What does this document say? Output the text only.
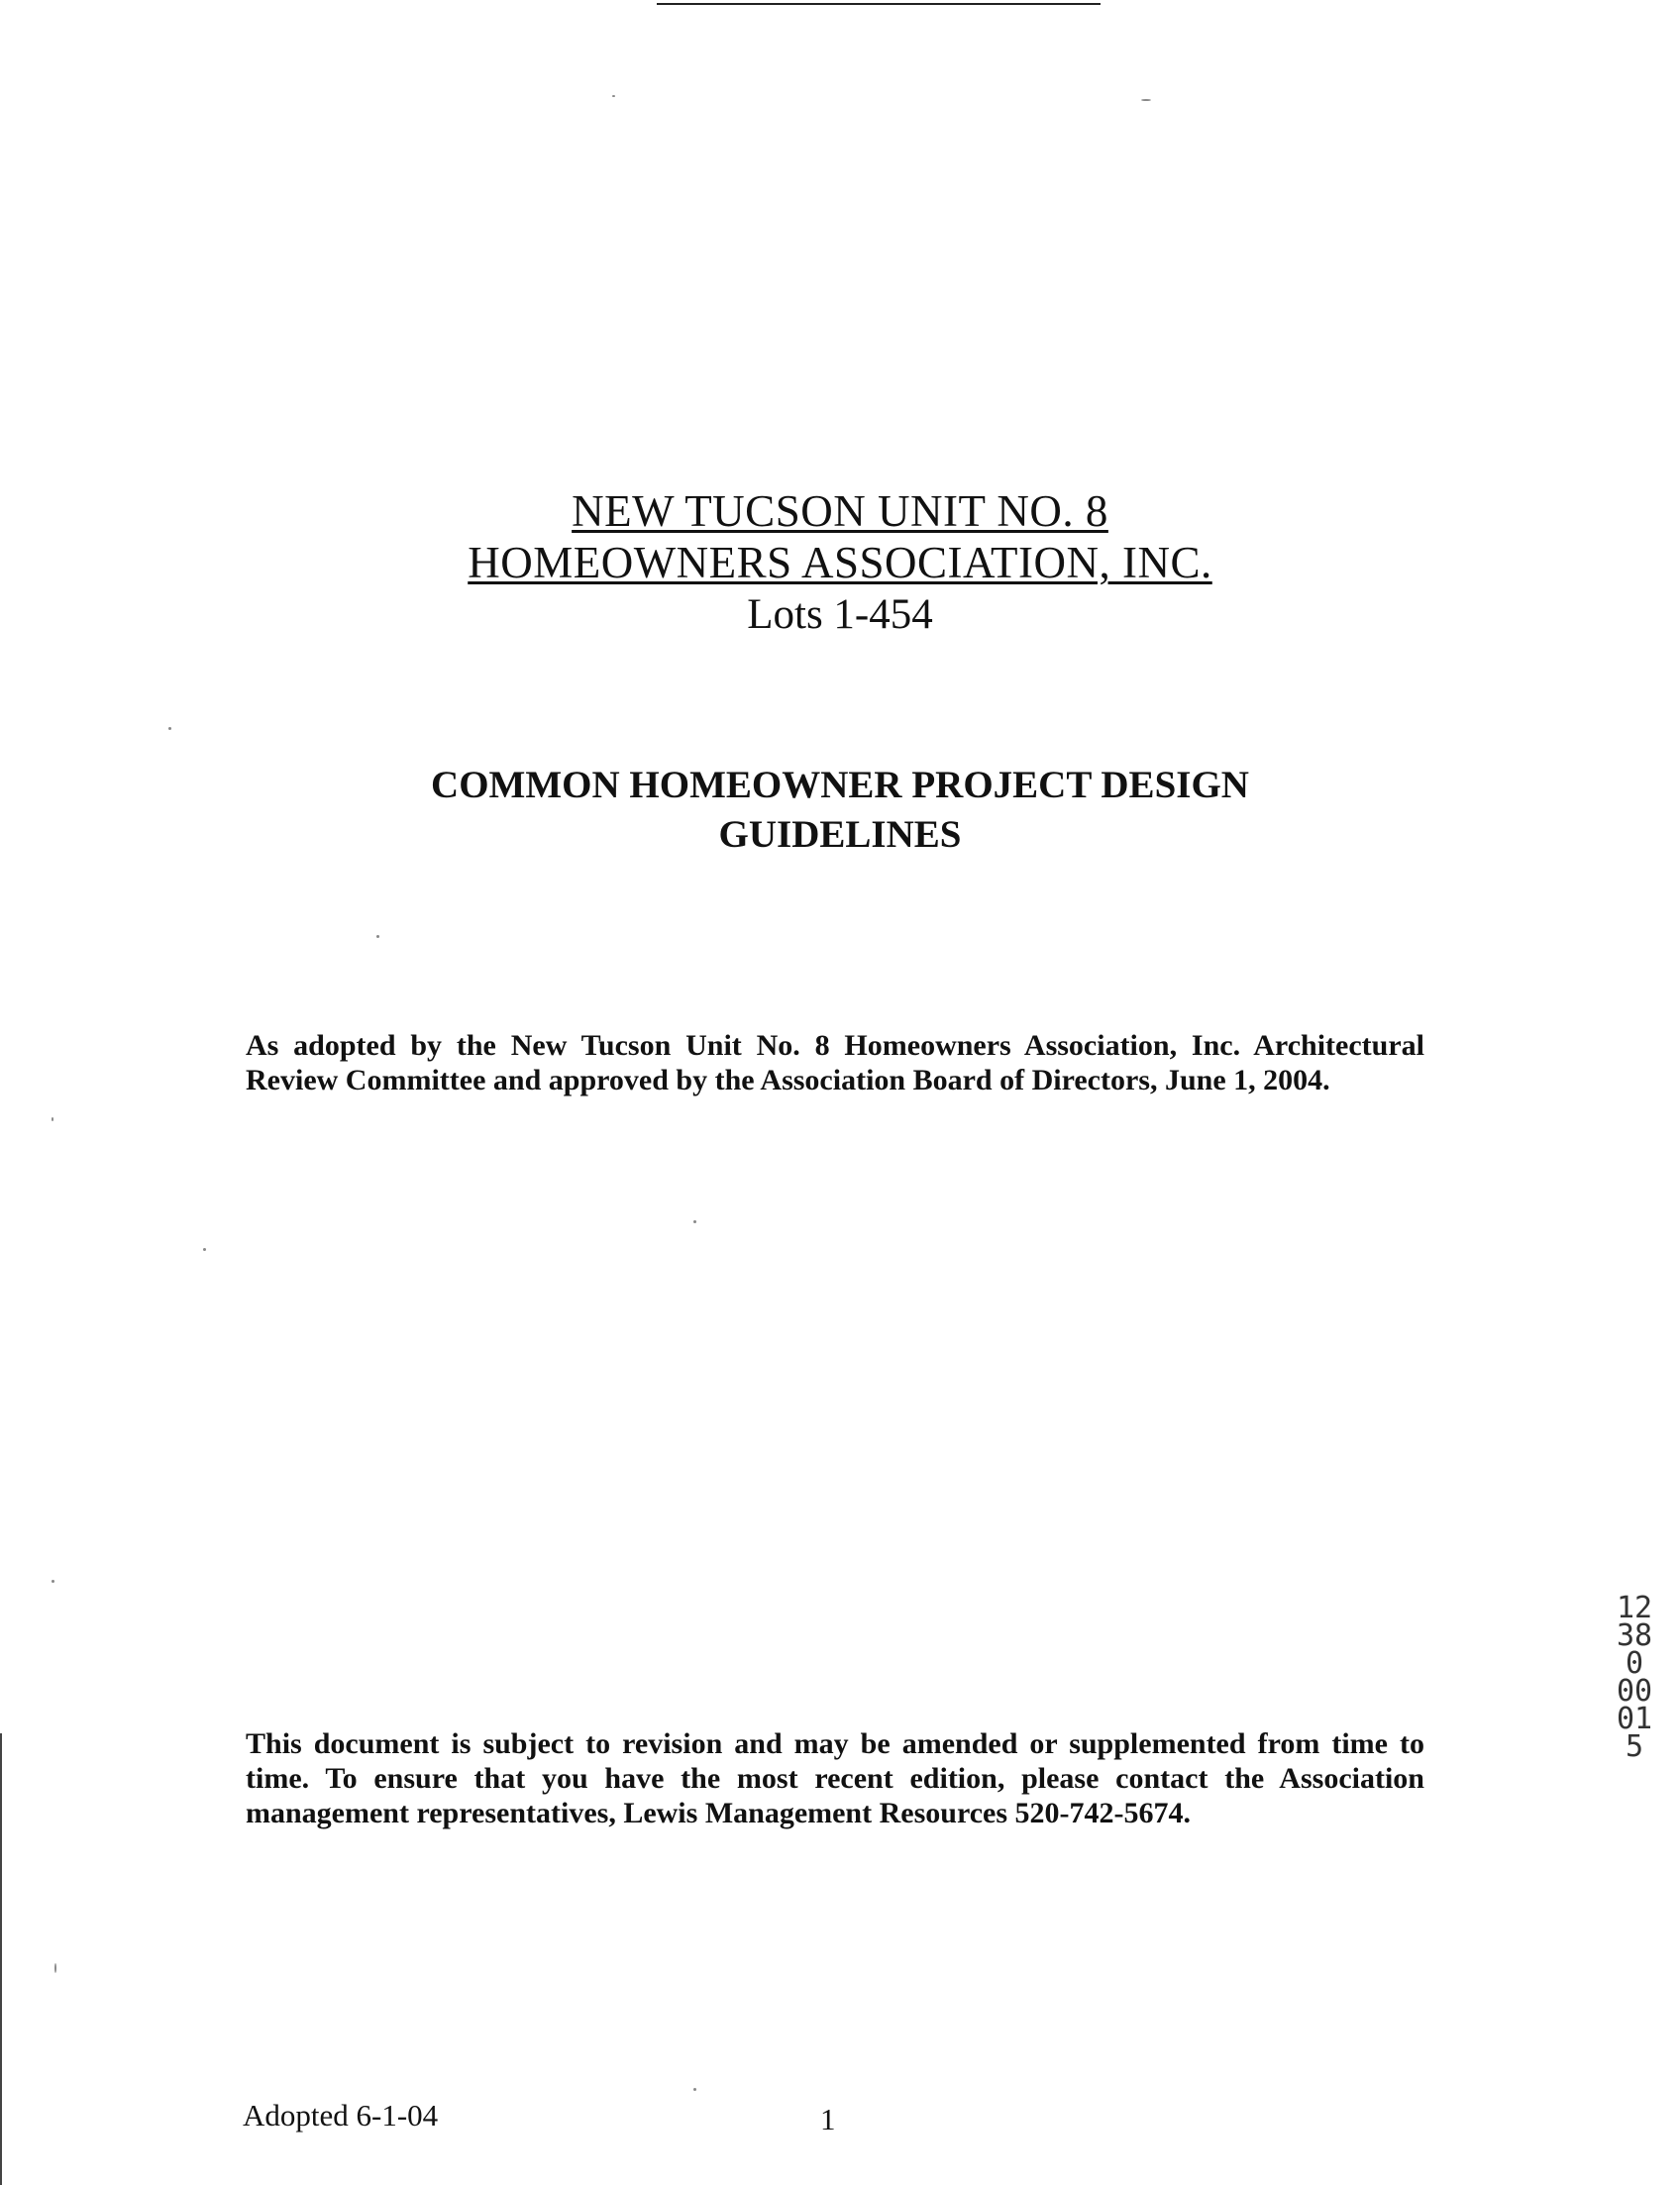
NEW TUCSON UNIT NO. 8
HOMEOWNERS ASSOCIATION, INC.
Lots 1-454
COMMON HOMEOWNER PROJECT DESIGN
GUIDELINES
As adopted by the New Tucson Unit No. 8 Homeowners Association, Inc. Architectural Review Committee and approved by the Association Board of Directors, June 1, 2004.
This document is subject to revision and may be amended or supplemented from time to time. To ensure that you have the most recent edition, please contact the Association management representatives, Lewis Management Resources 520-742-5674.
12380 00015
Adopted 6-1-04	1
